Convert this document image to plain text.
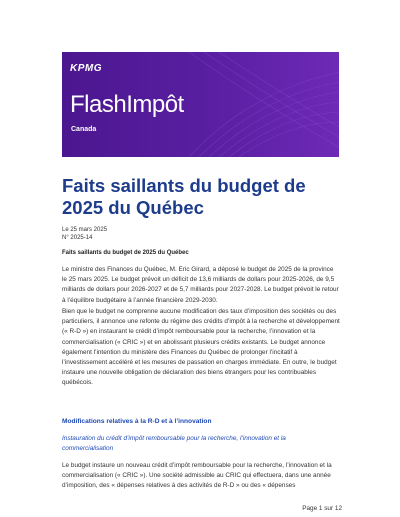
KPMG
FlashImpôt
Canada
Faits saillants du budget de 2025 du Québec
Le 25 mars 2025
N° 2025-14
Faits saillants du budget de 2025 du Québec

Le ministre des Finances du Québec, M. Eric Girard, a déposé le budget de 2025 de la province le 25 mars 2025. Le budget prévoit un déficit de 13,6 milliards de dollars pour 2025-2026, de 9,5 milliards de dollars pour 2026-2027 et de 5,7 milliards pour 2027-2028. Le budget prévoit le retour à l’équilibre budgétaire à l’année financière 2029-2030.

Bien que le budget ne comprenne aucune modification des taux d’imposition des sociétés ou des particuliers, il annonce une refonte du régime des crédits d’impôt à la recherche et développement (« R-D ») en instaurant le crédit d’impôt remboursable pour la recherche, l’innovation et la commercialisation (« CRIC ») et en abolissant plusieurs crédits existants. Le budget annonce également l’intention du ministère des Finances du Québec de prolonger l’incitatif à l’investissement accéléré et les mesures de passation en charges immédiate. En outre, le budget instaure une nouvelle obligation de déclaration des biens étrangers pour les contribuables québécois.

Modifications relatives à la R-D et à l’innovation
Instauration du crédit d’impôt remboursable pour la recherche, l’innovation et la commercialisation

Le budget instaure un nouveau crédit d’impôt remboursable pour la recherche, l’innovation et la commercialisation (« CRIC »). Une société admissible au CRIC qui effectuera, dans une année d’imposition, des « dépenses relatives à des activités de R-D » ou des « dépenses

Page 1 sur 12
